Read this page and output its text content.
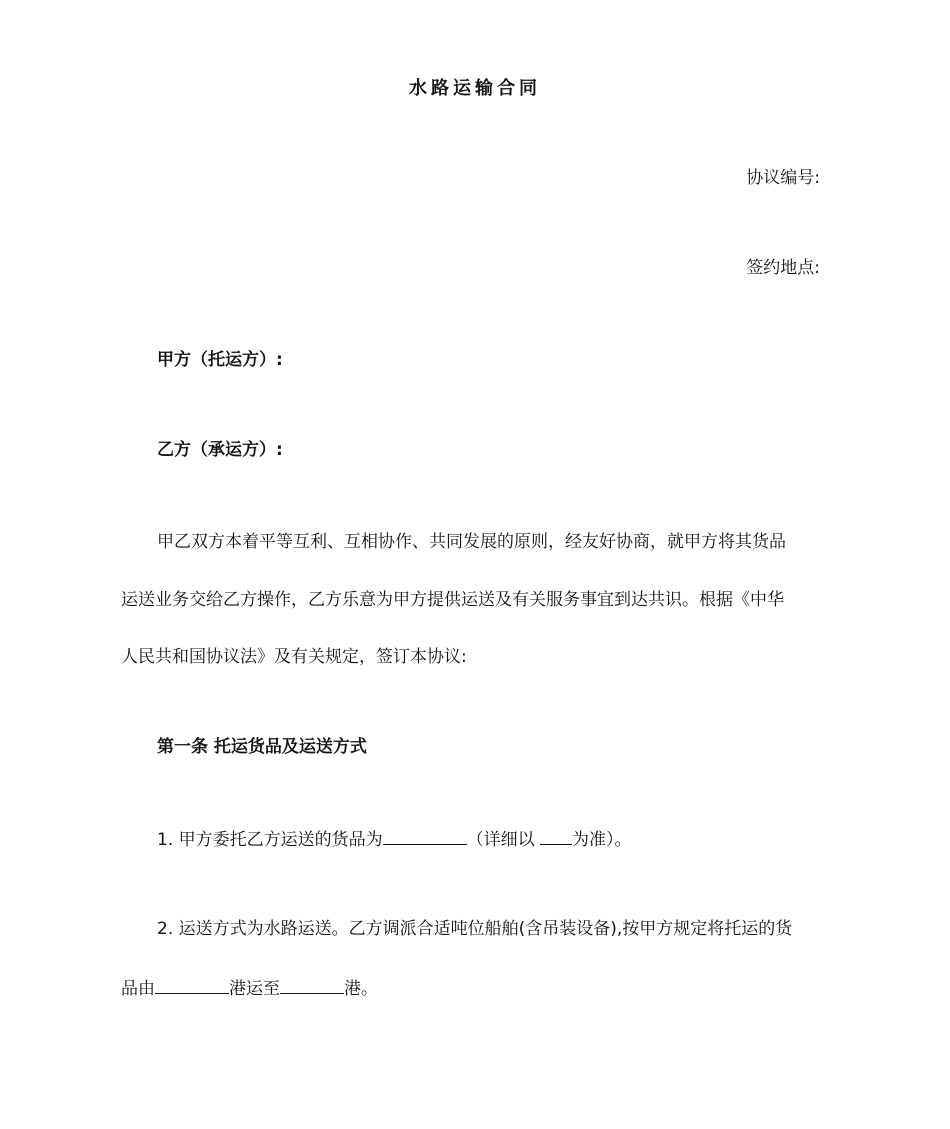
水路运输合同
协议编号:
签约地点:
甲方（托运方）:
乙方（承运方）:
甲乙双方本着平等互利、互相协作、共同发展的原则，经友好协商，就甲方将其货品
运送业务交给乙方操作，乙方乐意为甲方提供运送及有关服务事宜到达共识。根据《中华
人民共和国协议法》及有关规定，签订本协议:
第一条 托运货品及运送方式
1. 甲方委托乙方运送的货品为	（详细以 为准）。
2. 运送方式为水路运送。乙方调派合适吨位船舶(含吊装设备),按甲方规定将托运的货
品由	港运至	港。
